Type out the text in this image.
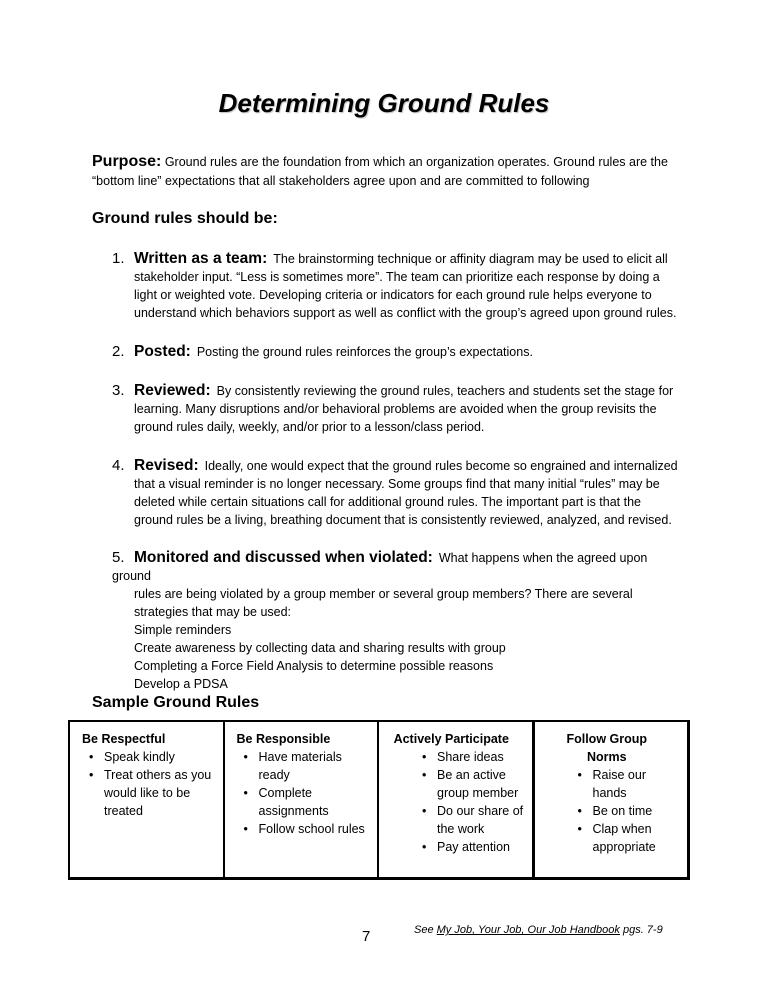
Determining Ground Rules
Purpose: Ground rules are the foundation from which an organization operates. Ground rules are the “bottom line” expectations that all stakeholders agree upon and are committed to following
Ground rules should be:
1. Written as a team: The brainstorming technique or affinity diagram may be used to elicit all
stakeholder input. “Less is sometimes more”. The team can prioritize each response by doing a light or weighted vote. Developing criteria or indicators for each ground rule helps everyone to understand which behaviors support as well as conflict with the group’s agreed upon ground rules.
2. Posted: Posting the ground rules reinforces the group’s expectations.
3. Reviewed: By consistently reviewing the ground rules, teachers and students set the stage for
learning. Many disruptions and/or behavioral problems are avoided when the group revisits the ground rules daily, weekly, and/or prior to a lesson/class period.
4. Revised: Ideally, one would expect that the ground rules become so engrained and internalized
that a visual reminder is no longer necessary. Some groups find that many initial “rules” may be deleted while certain situations call for additional ground rules. The important part is that the ground rules be a living, breathing document that is consistently reviewed, analyzed, and revised.
5. Monitored and discussed when violated: What happens when the agreed upon ground
rules are being violated by a group member or several group members? There are several strategies that may be used:
Simple reminders
Create awareness by collecting data and sharing results with group
Completing a Force Field Analysis to determine possible reasons
Develop a PDSA
Sample Ground Rules
Be Respectful
• Speak kindly
• Treat others as you would like to be treated
Be Responsible
• Have materials ready
• Complete assignments
• Follow school rules
Actively Participate
• Share ideas
• Be an active group member
• Do our share of the work
• Pay attention
Follow Group Norms
• Raise our hands
• Be on time
• Clap when appropriate
See My Job, Your Job, Our Job Handbook pgs. 7-9
7
